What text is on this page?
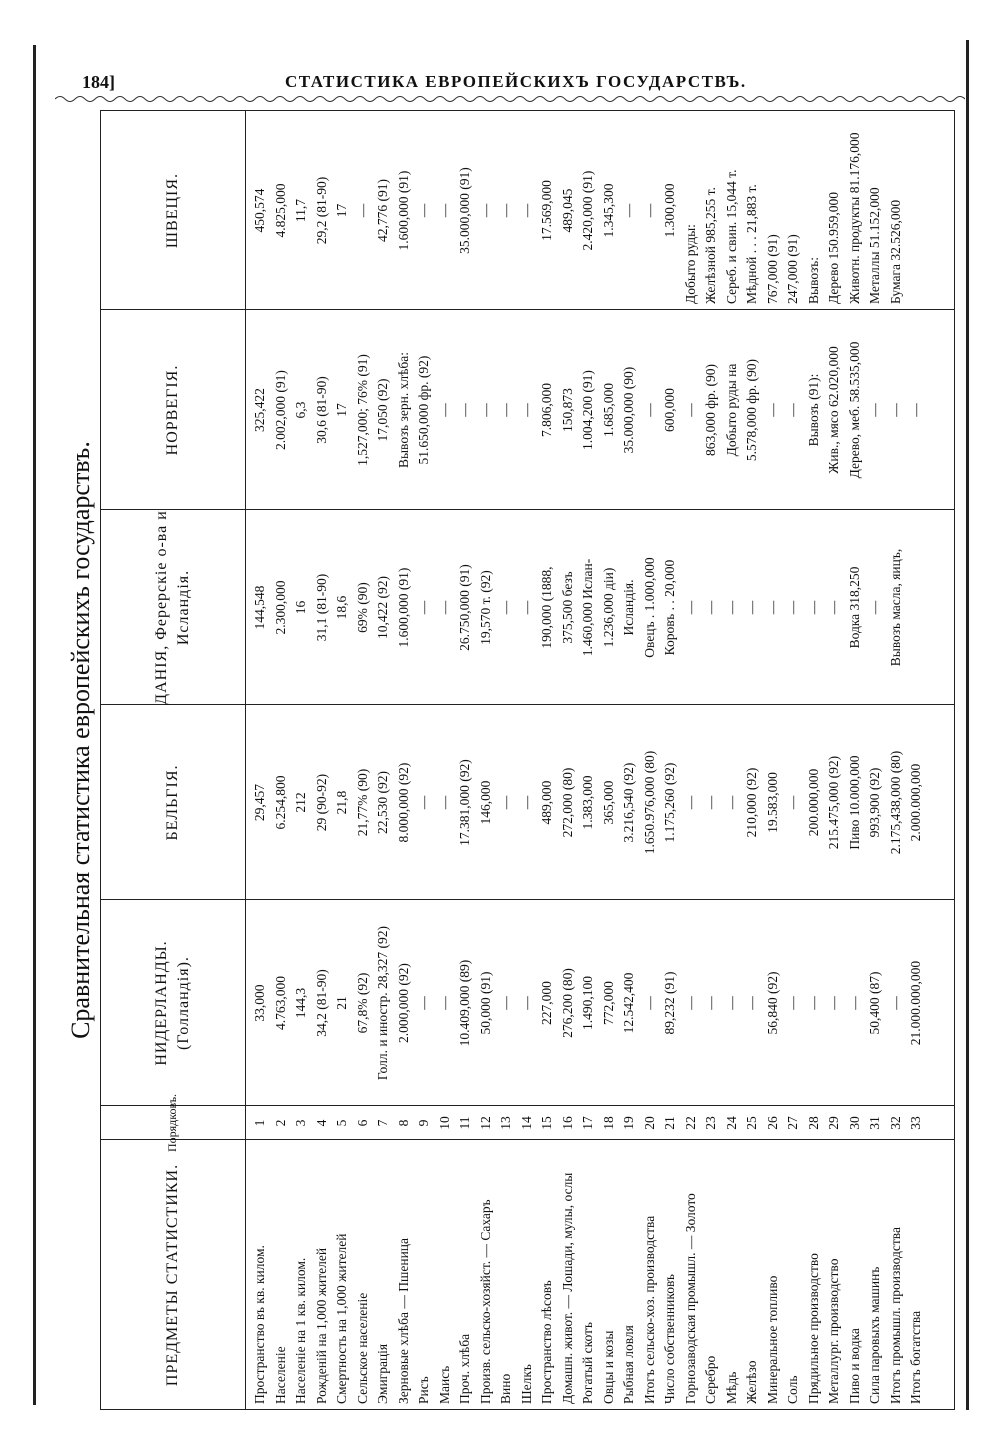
184]	СТАТИСТИКА ЕВРОПЕЙСКИХЪ ГОСУДАРСТВЪ.
Сравнительная статистика европейскихъ государствъ.
ПРЕДМЕТЫ СТАТИСТИКИ.
Порядковъ.
НИДЕРЛАНДЫ. (Голландія).
БЕЛЬГІЯ.
ДАНІЯ, Ферерскіе о-ва и Исландія.
НОРВЕГІЯ.
ШВЕЦІЯ.
Пространство въ кв. килом. Населеніе Населеніе на 1 кв. килом. Рожденій на 1,000 жителей Смертность на 1,000 жителей Сельское населеніе Эмиграція Зерновые хлѣба — Пшеница Рисъ Маисъ Проч. хлѣба Произв. сельско-хозяйст. — Сахаръ Вино Шелкъ Пространство лѣсовъ Домашн. живот. — Лошади, мулы, ослы Рогатый скотъ Овцы и козы Рыбная ловля Итогъ сельско-хоз. производства Число собственниковъ Горнозаводская промышл. — Золото Серебро Мѣдь Желѣзо Минеральное топливо Соль Прядильное производство Металлург. производство Пиво и водка Сила паровыхъ машинъ Итогъ промышл. производства Итогъ богатства
1 2 3 4 5 6 7 8 9 10 11 12 13 14 15 16 17 18 19 20 21 22 23 24 25 26 27 28 29 30 31 32 33
33,000 4.763,000 144,3 34,2 (81-90) 21 67,8% (92) Голл. и иностр. 28,327 (92) 2.000,000 (92) — — 10.409,000 (89) 50,000 (91) — — 227,000 276,200 (80) 1.490,100 772,000 12.542,400 — 89,232 (91) — — — — 56,840 (92) — — — — 50,400 (87) — 21.000.000,000
29,457 6.254,800 212 29 (90-92) 21,8 21,77% (90) 22,530 (92) 8.000,000 (92) — — 17.381,000 (92) 146,000 — — 489,000 272,000 (80) 1.383,000 365,000 3.216,540 (92) 1.650.976,000 (80) 1.175,260 (92) — — — 210,000 (92) 19.583,000 — 200.000,000 215.475,000 (92) Пиво 10.000,000 993,900 (92) 2.175,438,000 (80) 2.000.000,000
144,548 2.300,000 16 31,1 (81-90) 18,6 69% (90) 10,422 (92) 1.600,000 (91) — — 26.750,000 (91) 19,570 т. (92) — — 190,000 (1888, 375,500 безъ 1.460,000 Ислан- 1.236,000 діи) Исландія. Овецъ . 1.000,000 Коровъ . . 20,000 — — — — — — — — Водка 318,250 — Вывозъ масла, яицъ,
325,422 2.002,000 (91) 6,3 30,6 (81-90) 17 1,527,000; 76% (91) 17,050 (92) Вывозъ зерн. хлѣба: 51.650,000 фр. (92) — — — — — 7.806,000 150,873 1.004,200 (91) 1.685,000 35.000,000 (90) — 600,000 — 863,000 фр. (90) Добыто руды на 5.578,000 фр. (90) — — Вывозъ (91): Жив., мясо 62.020,000 Дерево, меб. 58.535,000 — — —
450,574 4.825,000 11,7 29,2 (81-90) 17 — 42,776 (91) 1.600,000 (91) — — 35.000,000 (91) — — — 17.569,000 489,045 2.420,000 (91) 1.345,300 — — 1.300,000
Добыто руды: Желѣзной 985,255 т. Сереб. и свин. 15,044 т. Мѣдной . . . 21,883 т. 767,000 (91) 247,000 (91) Вывозъ: Дерево 150.959,000 Животн. продукты 81.176,000 Металлы 51.152,000 Бумага 32.526,000
